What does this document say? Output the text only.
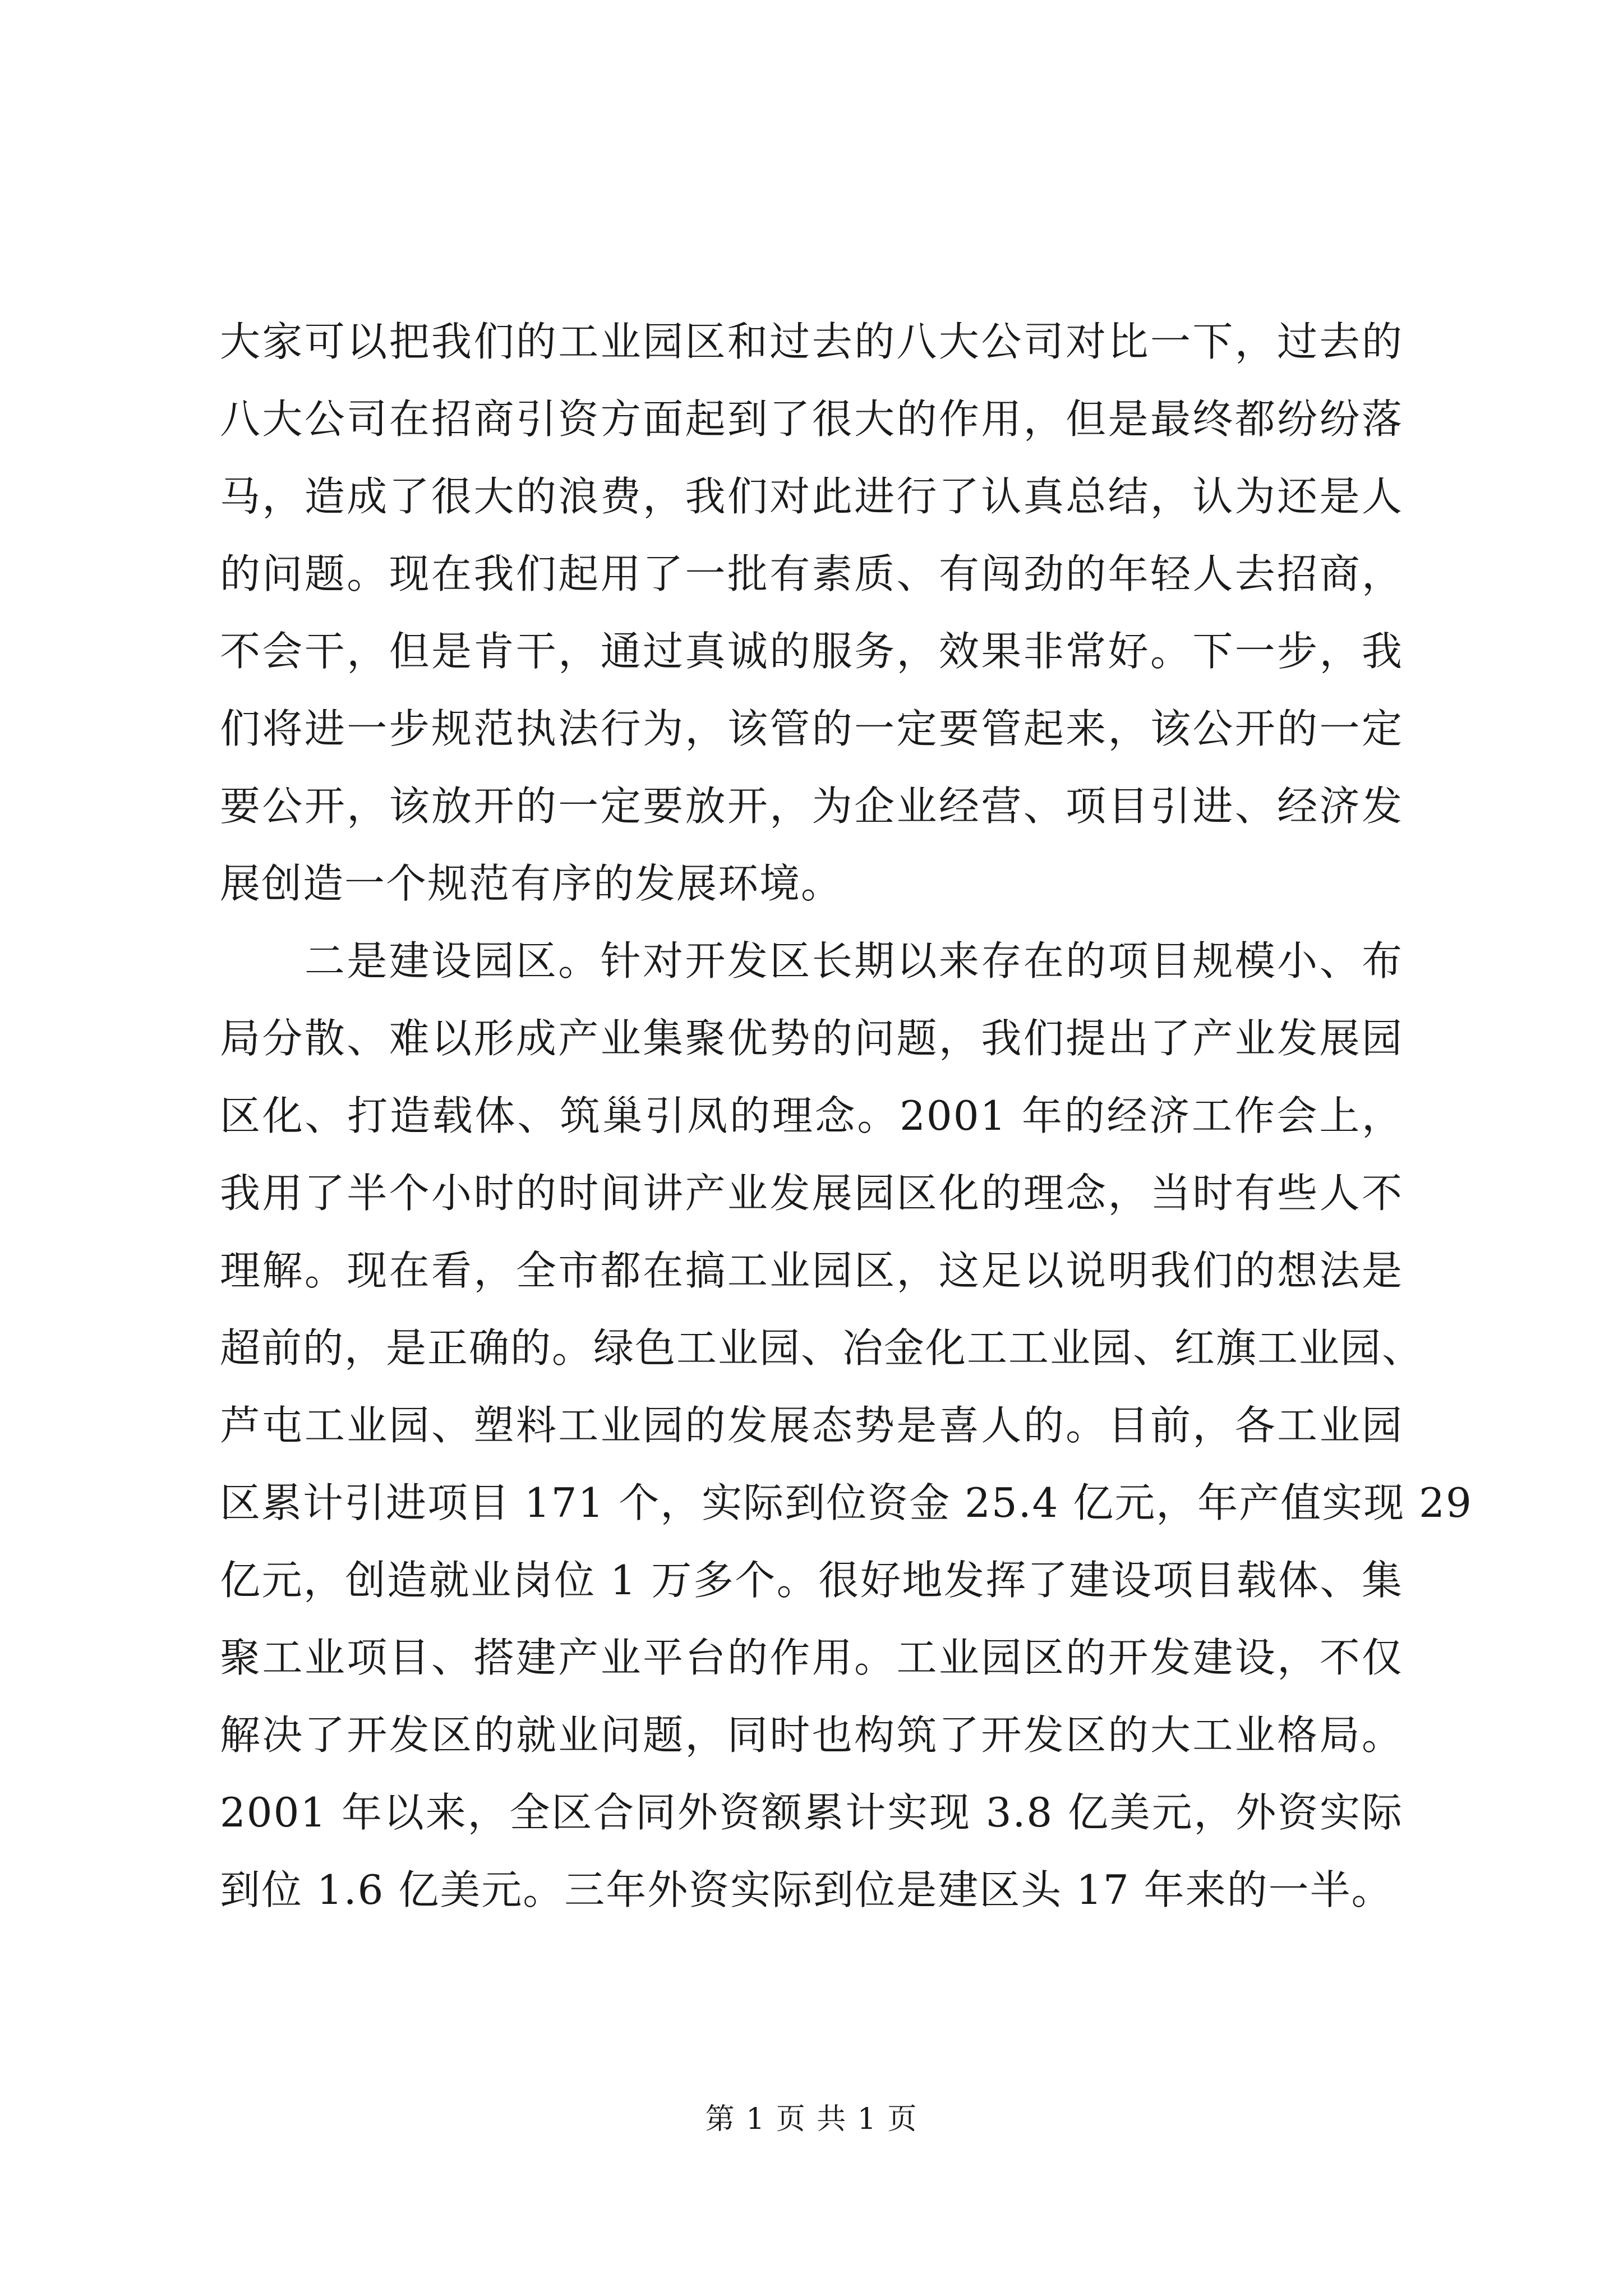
大家可以把我们的工业园区和过去的八大公司对比一下，过去的
八大公司在招商引资方面起到了很大的作用，但是最终都纷纷落
马，造成了很大的浪费，我们对此进行了认真总结，认为还是人
的问题。现在我们起用了一批有素质、有闯劲的年轻人去招商，
不会干，但是肯干，通过真诚的服务，效果非常好。下一步，我
们将进一步规范执法行为，该管的一定要管起来，该公开的一定
要公开，该放开的一定要放开，为企业经营、项目引进、经济发
展创造一个规范有序的发展环境。
　　二是建设园区。针对开发区长期以来存在的项目规模小、布
局分散、难以形成产业集聚优势的问题，我们提出了产业发展园
区化、打造载体、筑巢引凤的理念。2001 年的经济工作会上，
我用了半个小时的时间讲产业发展园区化的理念，当时有些人不
理解。现在看，全市都在搞工业园区，这足以说明我们的想法是
超前的，是正确的。绿色工业园、冶金化工工业园、红旗工业园、
芦屯工业园、塑料工业园的发展态势是喜人的。目前，各工业园
区累计引进项目 171 个，实际到位资金 25.4 亿元，年产值实现 29
亿元，创造就业岗位 1 万多个。很好地发挥了建设项目载体、集
聚工业项目、搭建产业平台的作用。工业园区的开发建设，不仅
解决了开发区的就业问题，同时也构筑了开发区的大工业格局。
2001 年以来，全区合同外资额累计实现 3.8 亿美元，外资实际
到位 1.6 亿美元。三年外资实际到位是建区头 17 年来的一半。
第 1 页 共 1 页
